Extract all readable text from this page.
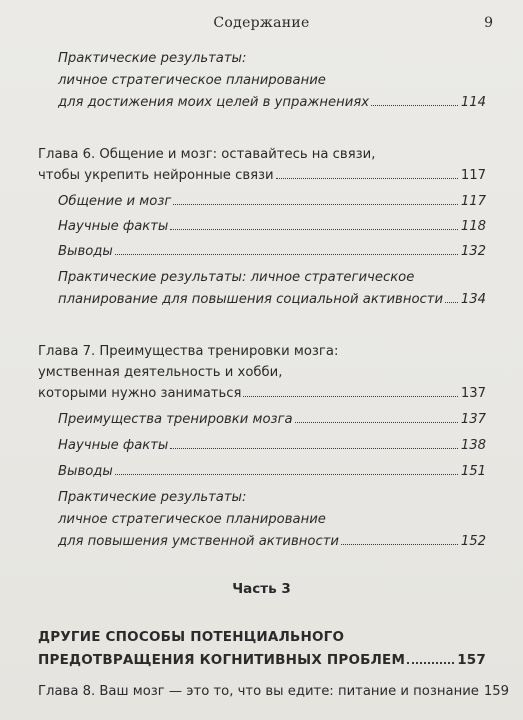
Содержание	9
Практические результаты:
личное стратегическое планирование
для достижения моих целей в упражнениях	114
Глава 6. Общение и мозг: оставайтесь на связи,
чтобы укрепить нейронные связи	117
Общение и мозг	117
Научные факты	118
Выводы	132
Практические результаты: личное стратегическое
планирование для повышения социальной активности 134
Глава 7. Преимущества тренировки мозга:
умственная деятельность и хобби,
которыми нужно заниматься	137
Преимущества тренировки мозга	137
Научные факты	138
Выводы	151
Практические результаты:
личное стратегическое планирование
для повышения умственной активности	152
Часть 3
ДРУГИЕ СПОСОБЫ ПОТЕНЦИАЛЬНОГО
ПРЕДОТВРАЩЕНИЯ КОГНИТИВНЫХ ПРОБЛЕМ	157
Глава 8. Ваш мозг — это то, что вы едите: питание и познание 159
